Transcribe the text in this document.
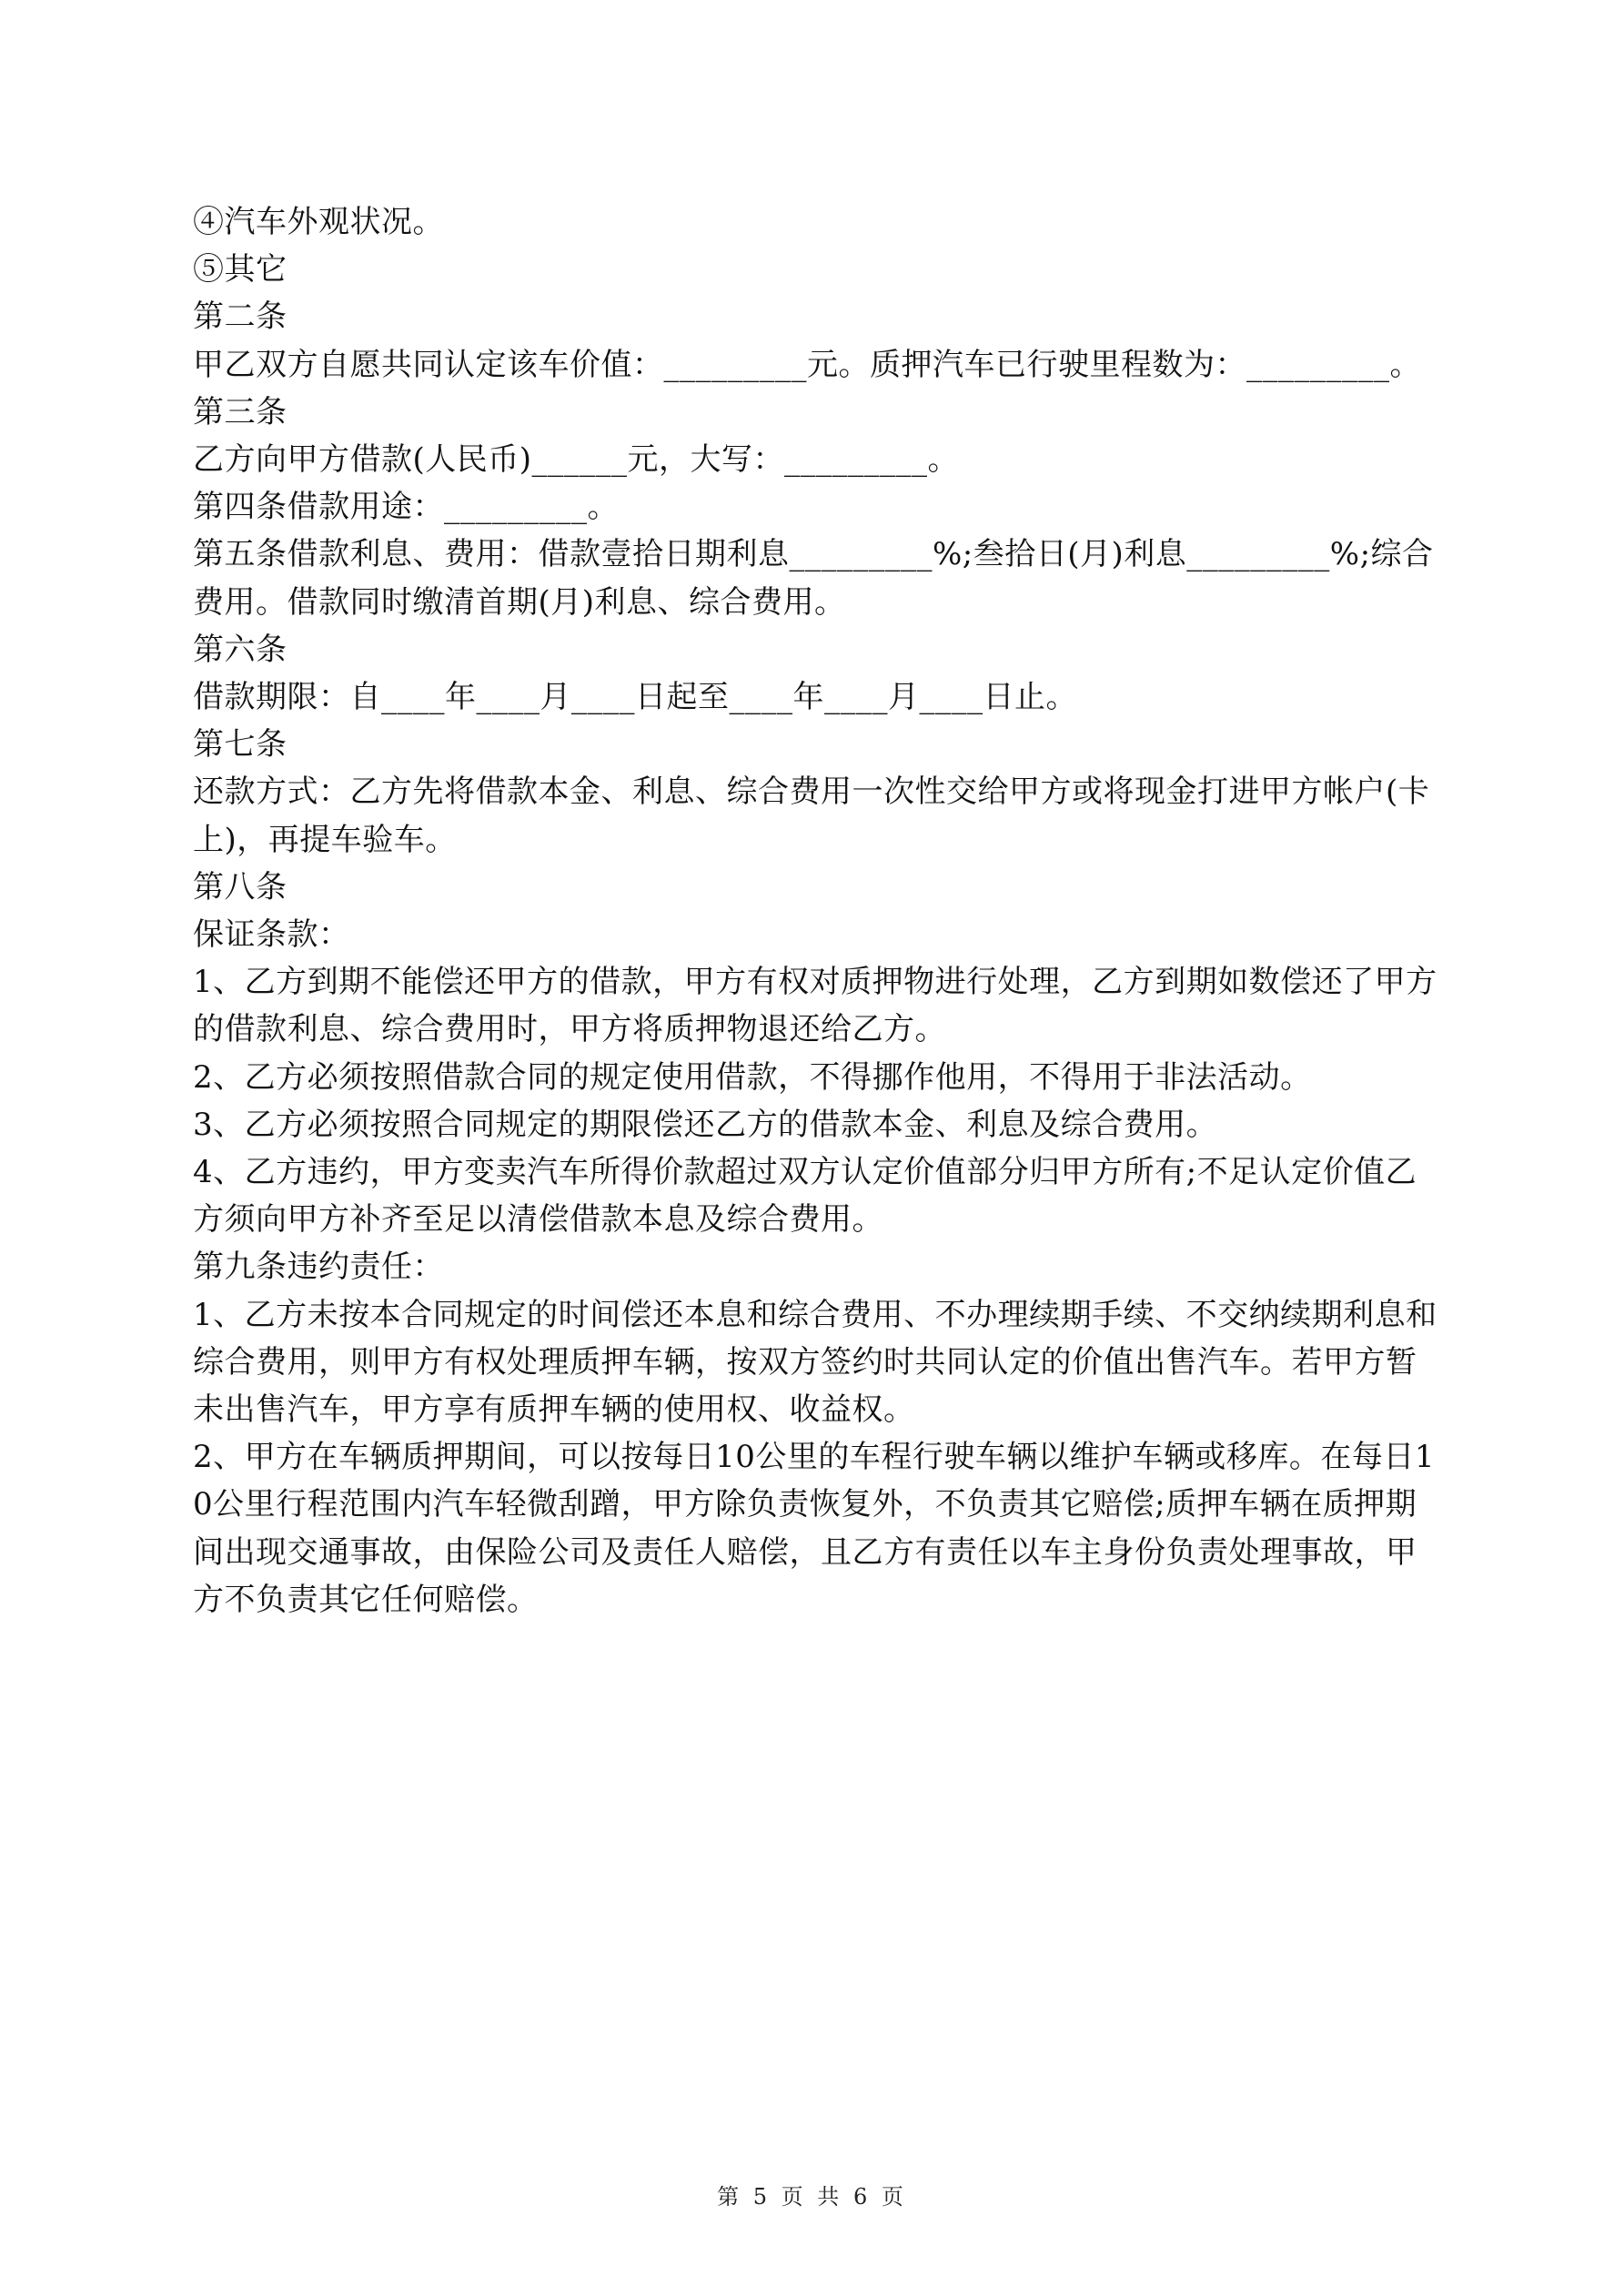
④汽车外观状况。

⑤其它

第二条

甲乙双方自愿共同认定该车价值：_________元。质押汽车已行驶里程数为：_________。

第三条

乙方向甲方借款(人民币)______元，大写：_________。

第四条借款用途：_________。

第五条借款利息、费用：借款壹拾日期利息_________%;叁拾日(月)利息_________%;综合费用。借款同时缴清首期(月)利息、综合费用。

第六条

借款期限：自____年____月____日起至____年____月____日止。

第七条

还款方式：乙方先将借款本金、利息、综合费用一次性交给甲方或将现金打进甲方帐户(卡上)，再提车验车。

第八条

保证条款：

1、乙方到期不能偿还甲方的借款，甲方有权对质押物进行处理，乙方到期如数偿还了甲方的借款利息、综合费用时，甲方将质押物退还给乙方。

2、乙方必须按照借款合同的规定使用借款，不得挪作他用，不得用于非法活动。

3、乙方必须按照合同规定的期限偿还乙方的借款本金、利息及综合费用。

4、乙方违约，甲方变卖汽车所得价款超过双方认定价值部分归甲方所有;不足认定价值乙方须向甲方补齐至足以清偿借款本息及综合费用。

第九条违约责任：

1、乙方未按本合同规定的时间偿还本息和综合费用、不办理续期手续、不交纳续期利息和综合费用，则甲方有权处理质押车辆，按双方签约时共同认定的价值出售汽车。若甲方暂未出售汽车，甲方享有质押车辆的使用权、收益权。

2、甲方在车辆质押期间，可以按每日10公里的车程行驶车辆以维护车辆或移库。在每日10公里行程范围内汽车轻微刮蹭，甲方除负责恢复外，不负责其它赔偿;质押车辆在质押期间出现交通事故，由保险公司及责任人赔偿，且乙方有责任以车主身份负责处理事故，甲方不负责其它任何赔偿。

第 5 页 共 6 页
